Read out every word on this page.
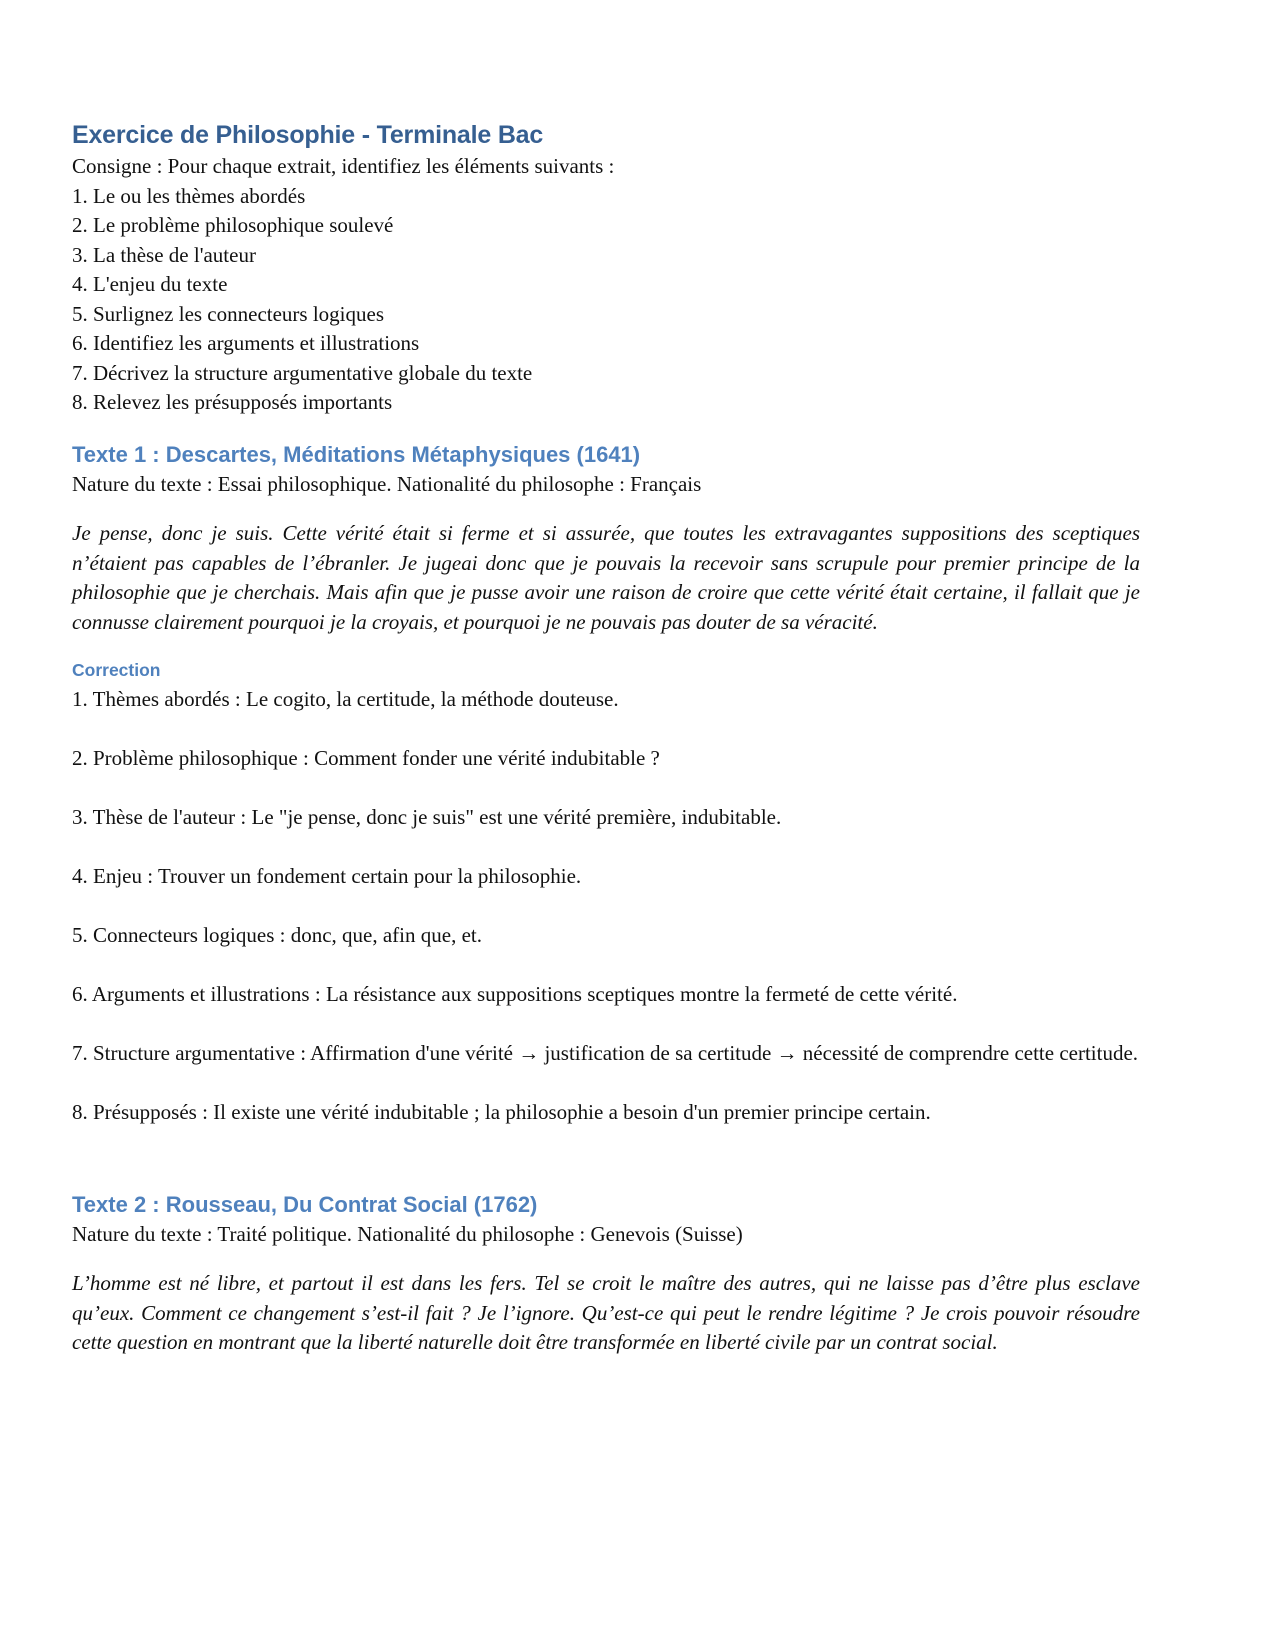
Exercice de Philosophie - Terminale Bac

Consigne : Pour chaque extrait, identifiez les éléments suivants :

1. Le ou les thèmes abordés
2. Le problème philosophique soulevé
3. La thèse de l'auteur
4. L'enjeu du texte
5. Surlignez les connecteurs logiques
6. Identifiez les arguments et illustrations
7. Décrivez la structure argumentative globale du texte
8. Relevez les présupposés importants
Texte 1 : Descartes, Méditations Métaphysiques (1641)

Nature du texte : Essai philosophique. Nationalité du philosophe : Français

Je pense, donc je suis. Cette vérité était si ferme et si assurée, que toutes les extravagantes suppositions des sceptiques n’étaient pas capables de l’ébranler. Je jugeai donc que je pouvais la recevoir sans scrupule pour premier principe de la philosophie que je cherchais. Mais afin que je pusse avoir une raison de croire que cette vérité était certaine, il fallait que je connusse clairement pourquoi je la croyais, et pourquoi je ne pouvais pas douter de sa véracité.

Correction

1. Thèmes abordés : Le cogito, la certitude, la méthode douteuse.

2. Problème philosophique : Comment fonder une vérité indubitable ?

3. Thèse de l'auteur : Le "je pense, donc je suis" est une vérité première, indubitable.

4. Enjeu : Trouver un fondement certain pour la philosophie.

5. Connecteurs logiques : donc, que, afin que, et.

6. Arguments et illustrations : La résistance aux suppositions sceptiques montre la fermeté de cette vérité.

7. Structure argumentative : Affirmation d'une vérité → justification de sa certitude → nécessité de comprendre cette certitude.

8. Présupposés : Il existe une vérité indubitable ; la philosophie a besoin d'un premier principe certain.

Texte 2 : Rousseau, Du Contrat Social (1762)

Nature du texte : Traité politique. Nationalité du philosophe : Genevois (Suisse)

L’homme est né libre, et partout il est dans les fers. Tel se croit le maître des autres, qui ne laisse pas d’être plus esclave qu’eux. Comment ce changement s’est-il fait ? Je l’ignore. Qu’est-ce qui peut le rendre légitime ? Je crois pouvoir résoudre cette question en montrant que la liberté naturelle doit être transformée en liberté civile par un contrat social.
